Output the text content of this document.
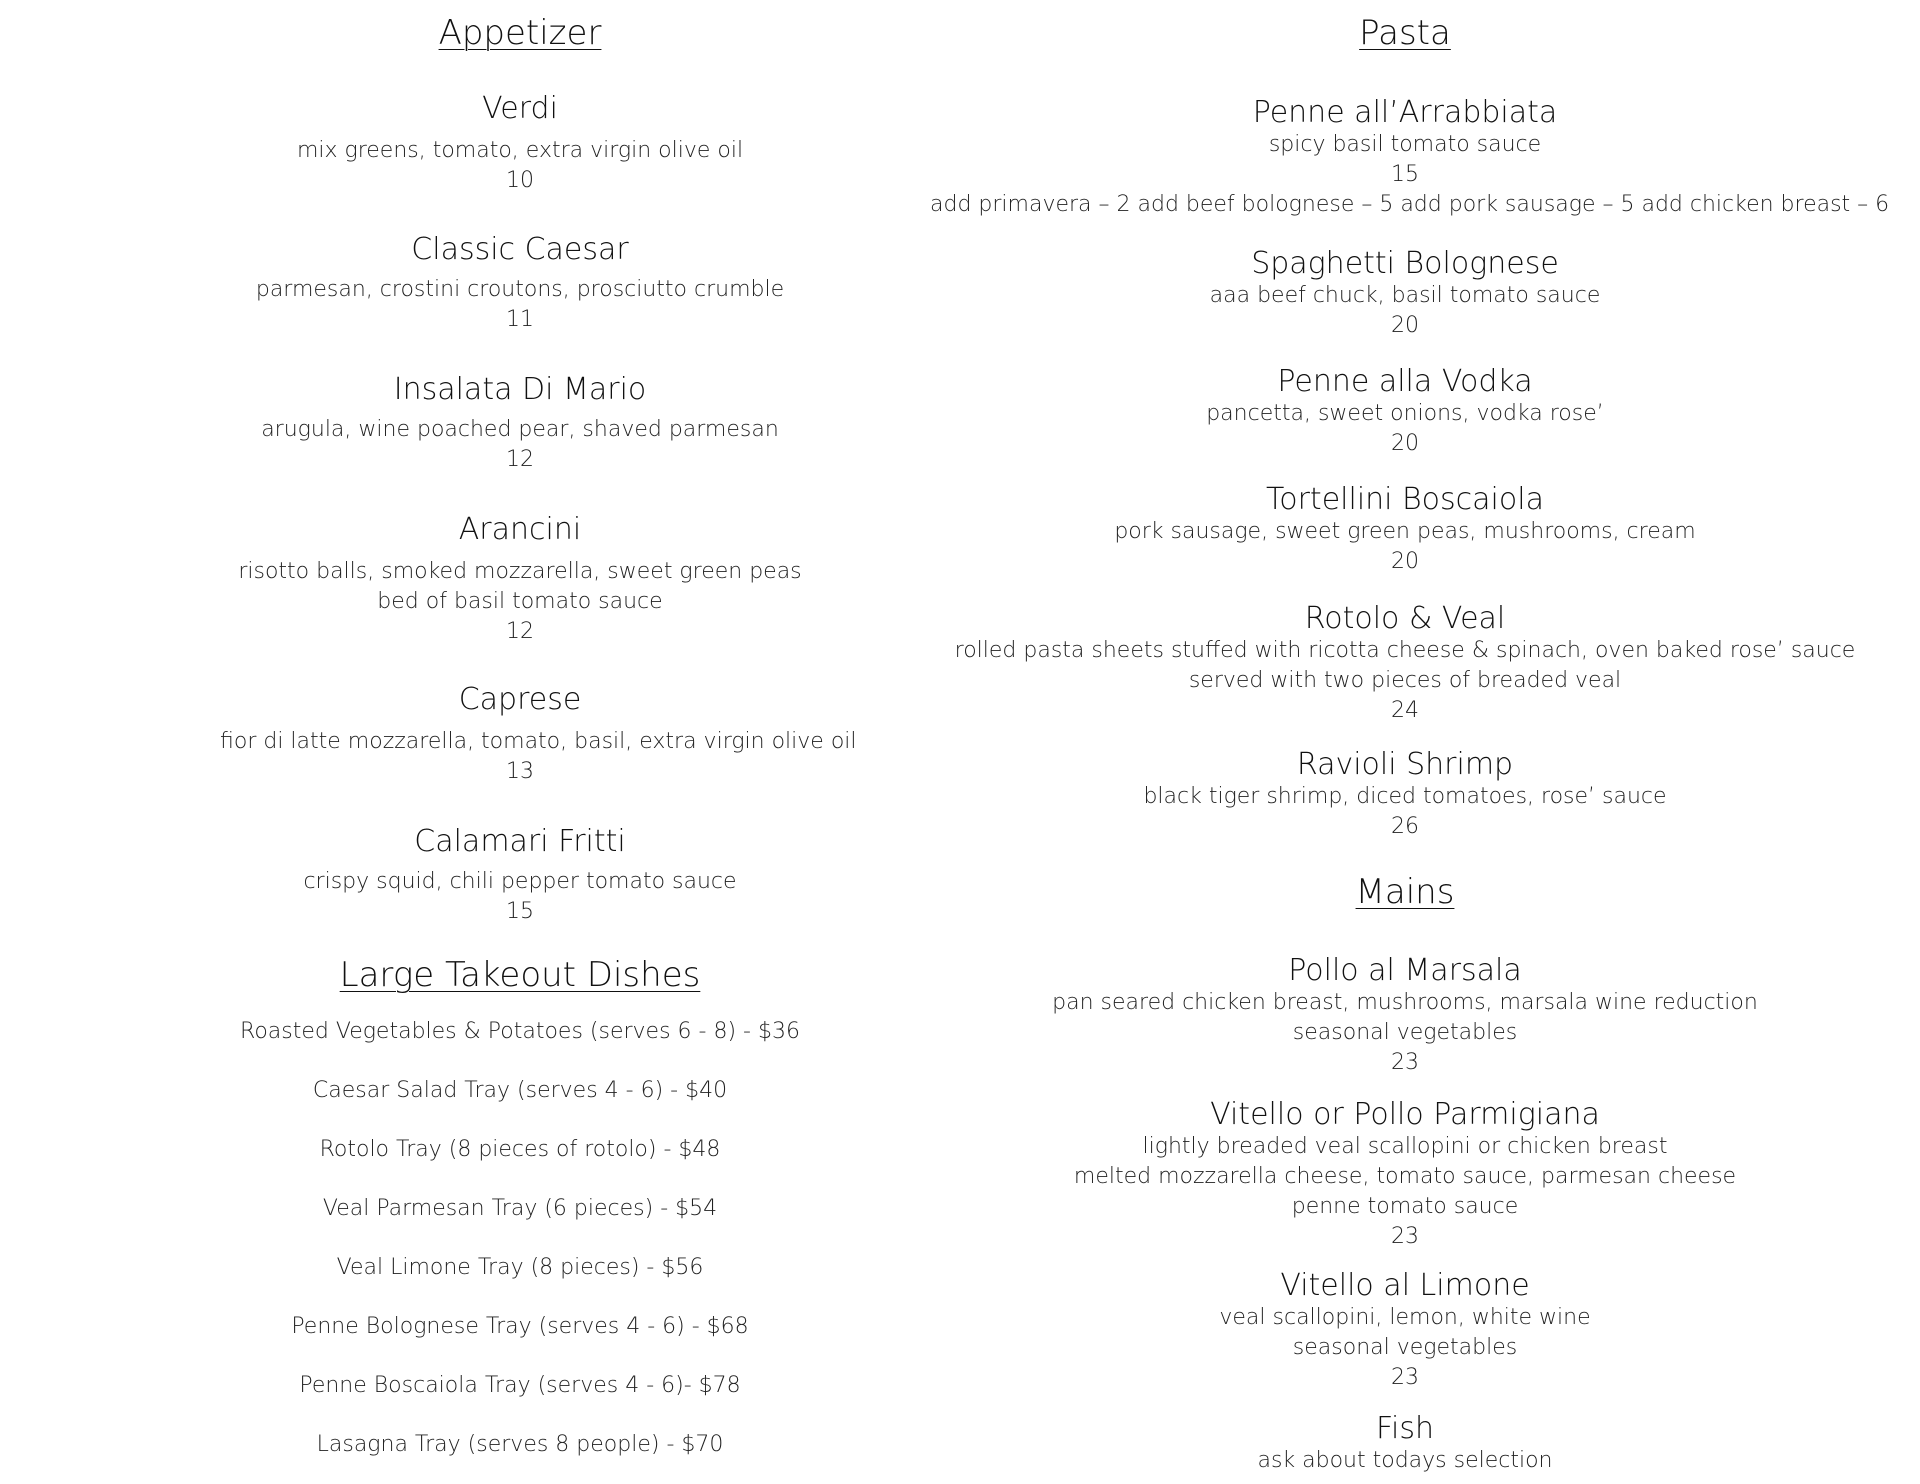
Appetizer
Verdi
mix greens, tomato, extra virgin olive oil
10
Classic Caesar
parmesan, crostini croutons, prosciutto crumble
11
Insalata Di Mario
arugula, wine poached pear, shaved parmesan
12
Arancini
risotto balls, smoked mozzarella, sweet green peas
bed of basil tomato sauce
12
Caprese
fior di latte mozzarella, tomato, basil, extra virgin olive oil
13
Calamari Fritti
crispy squid, chili pepper tomato sauce
15
Large Takeout Dishes
Roasted Vegetables & Potatoes (serves 6 - 8) - $36
Caesar Salad Tray (serves 4 - 6) - $40
Rotolo Tray (8 pieces of rotolo) - $48
Veal Parmesan Tray (6 pieces) - $54
Veal Limone Tray (8 pieces) - $56
Penne Bolognese Tray (serves 4 - 6) - $68
Penne Boscaiola Tray (serves 4 - 6)- $78
Lasagna Tray (serves 8 people) - $70
Pasta
Penne all’Arrabbiata
spicy basil tomato sauce
15
add primavera – 2 add beef bolognese – 5 add pork sausage – 5 add chicken breast – 6
Spaghetti Bolognese
aaa beef chuck, basil tomato sauce
20
Penne alla Vodka
pancetta, sweet onions, vodka rose’
20
Tortellini Boscaiola
pork sausage, sweet green peas, mushrooms, cream
20
Rotolo & Veal
rolled pasta sheets stuffed with ricotta cheese & spinach, oven baked rose’ sauce
served with two pieces of breaded veal
24
Ravioli Shrimp
black tiger shrimp, diced tomatoes, rose’ sauce
26
Mains
Pollo al Marsala
pan seared chicken breast, mushrooms, marsala wine reduction
seasonal vegetables
23
Vitello or Pollo Parmigiana
lightly breaded veal scallopini or chicken breast
melted mozzarella cheese, tomato sauce, parmesan cheese
penne tomato sauce
23
Vitello al Limone
veal scallopini, lemon, white wine
seasonal vegetables
23
Fish
ask about todays selection
